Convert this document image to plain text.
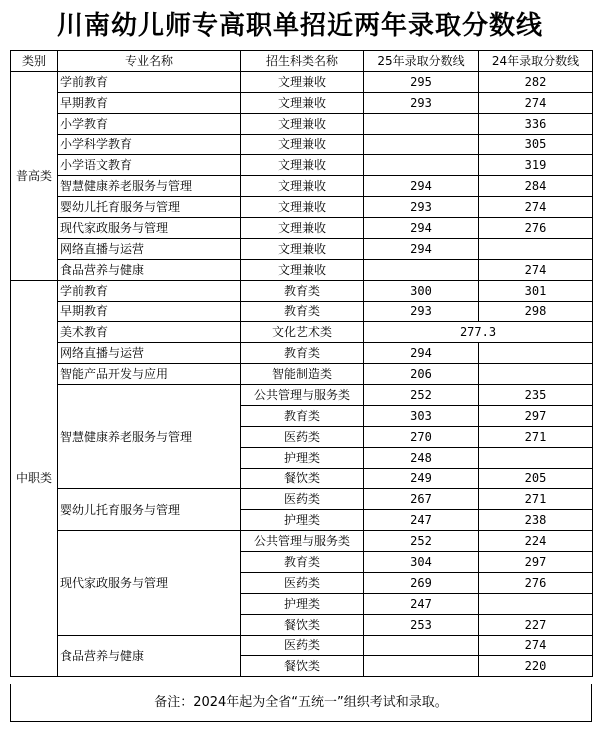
川南幼儿师专高职单招近两年录取分数线
类别	专业名称	招生科类名称	25年录取分数线	24年录取分数线
普高类	学前教育	文理兼收	295	282
	早期教育	文理兼收	293	274
	小学教育	文理兼收		336
	小学科学教育	文理兼收		305
	小学语文教育	文理兼收		319
	智慧健康养老服务与管理	文理兼收	294	284
	婴幼儿托育服务与管理	文理兼收	293	274
	现代家政服务与管理	文理兼收	294	276
	网络直播与运营	文理兼收	294	
	食品营养与健康	文理兼收		274
中职类	学前教育	教育类	300	301
	早期教育	教育类	293	298
	美术教育	文化艺术类	277.3	
	网络直播与运营	教育类	294	
	智能产品开发与应用	智能制造类	206	
	智慧健康养老服务与管理	公共管理与服务类	252	235
		教育类	303	297
		医药类	270	271
		护理类	248	
		餐饮类	249	205
	婴幼儿托育服务与管理	医药类	267	271
		护理类	247	238
	现代家政服务与管理	公共管理与服务类	252	224
		教育类	304	297
		医药类	269	276
		护理类	247	
		餐饮类	253	227
	食品营养与健康	医药类		274
		餐饮类		220
备注：2024年起为全省“五统一”组织考试和录取。
